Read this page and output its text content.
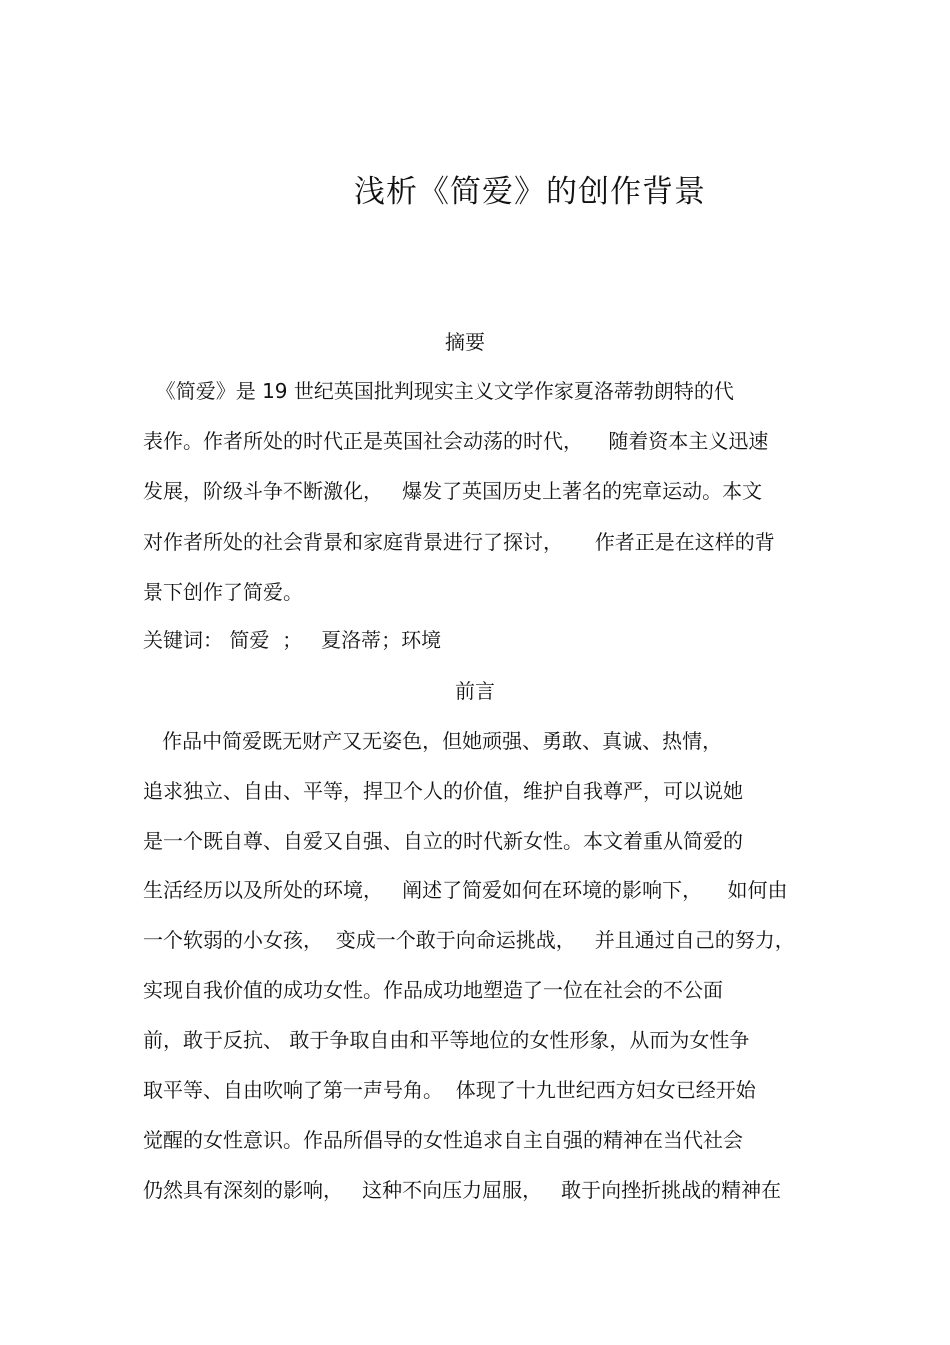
浅析《简爱》的创作背景
摘要
《简爱》是 19 世纪英国批判现实主义文学作家夏洛蒂勃朗特的代
表作。作者所处的时代正是英国社会动荡的时代，    随着资本主义迅速
发展，阶级斗争不断激化，   爆发了英国历史上著名的宪章运动。本文
对作者所处的社会背景和家庭背景进行了探讨，     作者正是在这样的背
景下创作了简爱。
关键词： 简爱  ；   夏洛蒂；环境
前言
作品中简爱既无财产又无姿色，但她顽强、勇敢、真诚、热情，
追求独立、自由、平等，捍卫个人的价值，维护自我尊严，可以说她
是一个既自尊、自爱又自强、自立的时代新女性。本文着重从简爱的
生活经历以及所处的环境，   阐述了简爱如何在环境的影响下，    如何由
一个软弱的小女孩，  变成一个敢于向命运挑战，   并且通过自己的努力，
实现自我价值的成功女性。作品成功地塑造了一位在社会的不公面
前，敢于反抗、 敢于争取自由和平等地位的女性形象，从而为女性争
取平等、自由吹响了第一声号角。  体现了十九世纪西方妇女已经开始
觉醒的女性意识。作品所倡导的女性追求自主自强的精神在当代社会
仍然具有深刻的影响，   这种不向压力屈服，   敢于向挫折挑战的精神在
